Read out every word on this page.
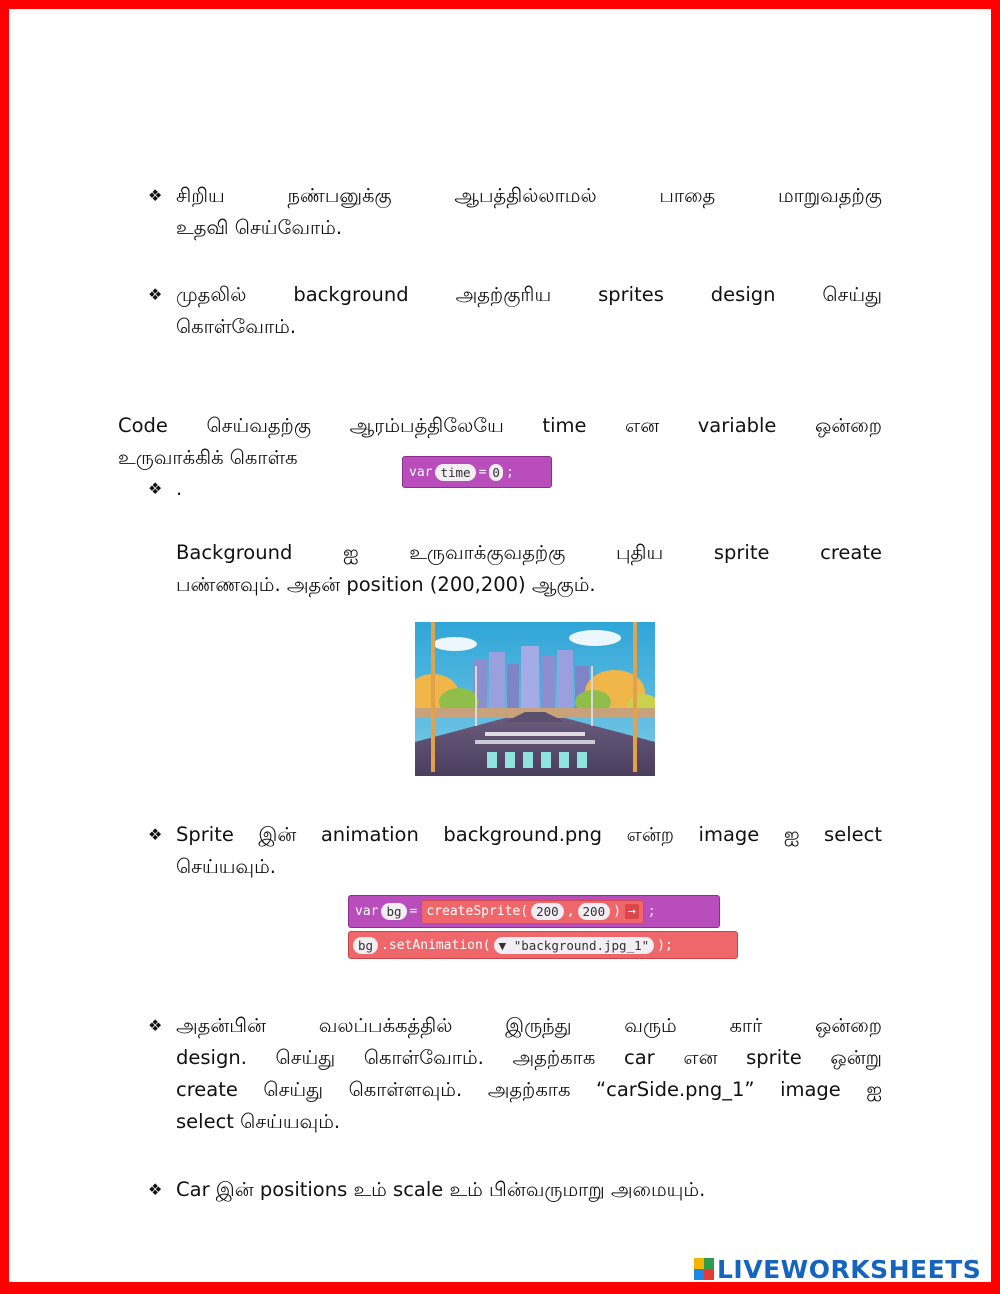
❖ சிறிய நண்பனுக்கு ஆபத்தில்லாமல் பாதை மாறுவதற்கு
உதவி செய்வோம்.
❖ முதலில் background அதற்குரிய sprites design செய்து
கொள்வோம்.
Code செய்வதற்கு ஆரம்பத்திலேயே time என variable ஒன்றை
உருவாக்கிக் கொள்க
❖ .
var time = 0 ;
Background ஐ உருவாக்குவதற்கு புதிய sprite create
பண்ணவும். அதன் position (200,200) ஆகும்.
❖ Sprite இன் animation background.png என்ற image ஐ select
செய்யவும்.
var bg = createSprite ( 200 , 200 ) → ;
bg .setAnimation( ▼ "background.jpg_1" );
❖ அதன்பின் வலப்பக்கத்தில் இருந்து வரும் கார் ஒன்றை
design. செய்து கொள்வோம். அதற்காக car என sprite ஒன்று
create செய்து கொள்ளவும். அதற்காக “carSide.png_1” image ஐ
select செய்யவும்.
❖ Car இன் positions உம் scale உம் பின்வருமாறு அமையும்.
LIVEWORKSHEETS
